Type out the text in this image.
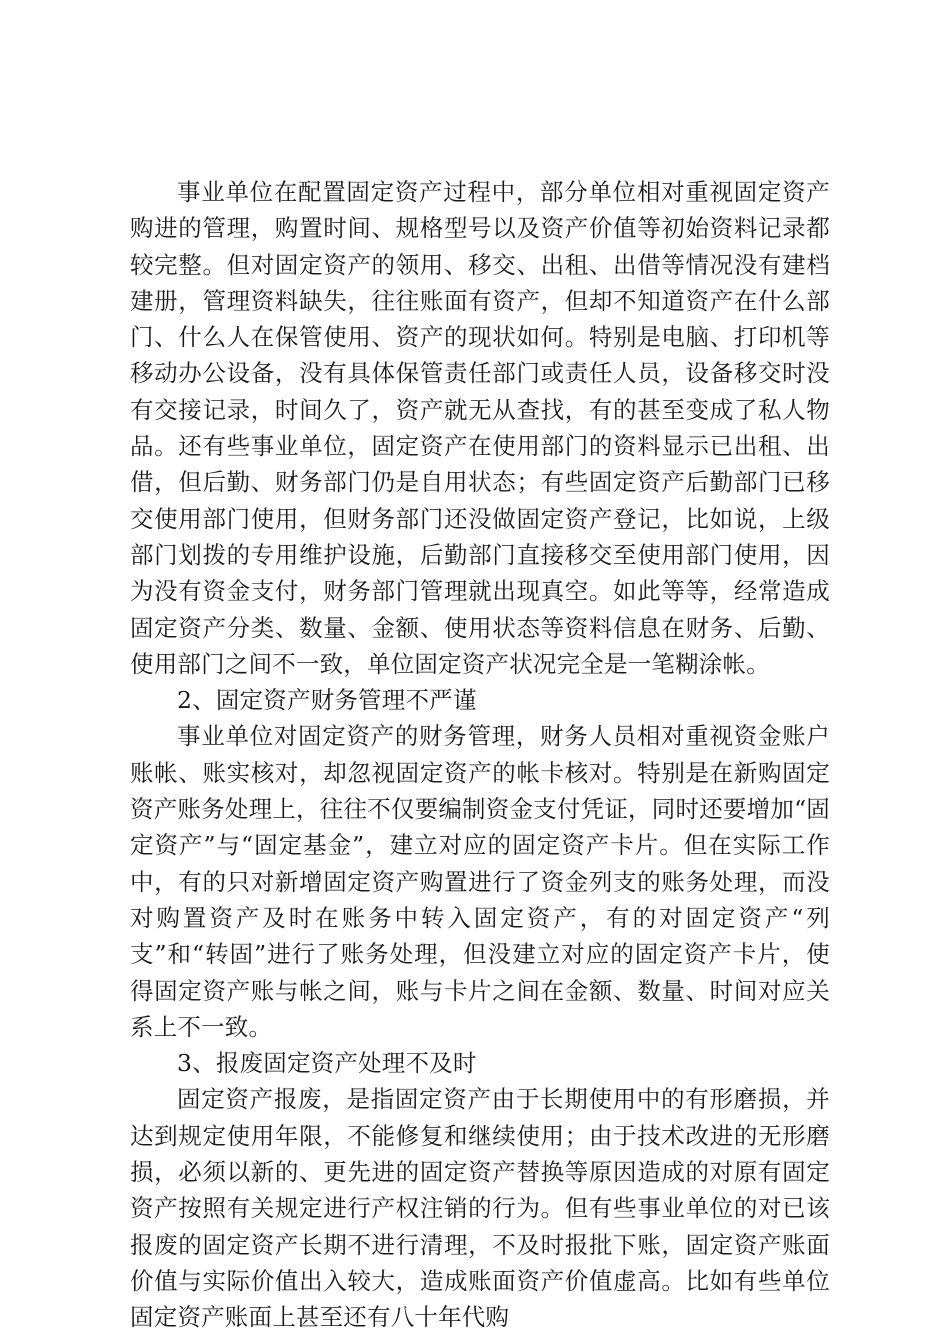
事业单位在配置固定资产过程中，部分单位相对重视固定资产购进的管理，购置时间、规格型号以及资产价值等初始资料记录都较完整。但对固定资产的领用、移交、出租、出借等情况没有建档建册，管理资料缺失，往往账面有资产，但却不知道资产在什么部门、什么人在保管使用、资产的现状如何。特别是电脑、打印机等移动办公设备，没有具体保管责任部门或责任人员，设备移交时没有交接记录，时间久了，资产就无从查找，有的甚至变成了私人物品。还有些事业单位，固定资产在使用部门的资料显示已出租、出借，但后勤、财务部门仍是自用状态；有些固定资产后勤部门已移交使用部门使用，但财务部门还没做固定资产登记，比如说，上级部门划拨的专用维护设施，后勤部门直接移交至使用部门使用，因为没有资金支付，财务部门管理就出现真空。如此等等，经常造成固定资产分类、数量、金额、使用状态等资料信息在财务、后勤、使用部门之间不一致，单位固定资产状况完全是一笔糊涂帐。

2、固定资产财务管理不严谨

事业单位对固定资产的财务管理，财务人员相对重视资金账户账帐、账实核对，却忽视固定资产的帐卡核对。特别是在新购固定资产账务处理上，往往不仅要编制资金支付凭证，同时还要增加“固定资产”与“固定基金”，建立对应的固定资产卡片。但在实际工作中，有的只对新增固定资产购置进行了资金列支的账务处理，而没对购置资产及时在账务中转入固定资产，有的对固定资产“列支”和“转固”进行了账务处理，但没建立对应的固定资产卡片，使得固定资产账与帐之间，账与卡片之间在金额、数量、时间对应关系上不一致。

3、报废固定资产处理不及时

固定资产报废，是指固定资产由于长期使用中的有形磨损，并达到规定使用年限，不能修复和继续使用；由于技术改进的无形磨损，必须以新的、更先进的固定资产替换等原因造成的对原有固定资产按照有关规定进行产权注销的行为。但有些事业单位的对已该报废的固定资产长期不进行清理，不及时报批下账，固定资产账面价值与实际价值出入较大，造成账面资产价值虚高。比如有些单位固定资产账面上甚至还有八十年代购
